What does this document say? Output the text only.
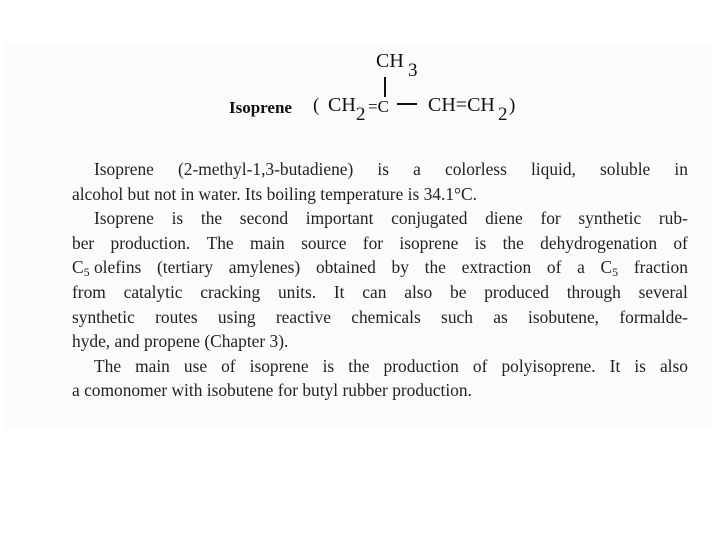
Isoprene ( CH 2 =C
CH 3
CH=CH 2 )
Isoprene (2-methyl-1,3-butadiene) is a colorless liquid, soluble in
alcohol but not in water. Its boiling temperature is 34.1°C.
Isoprene is the second important conjugated diene for synthetic rub-
ber production. The main source for isoprene is the dehydrogenation of
C5 olefins (tertiary amylenes) obtained by the extraction of a C5 fraction
from catalytic cracking units. It can also be produced through several
synthetic routes using reactive chemicals such as isobutene, formalde-
hyde, and propene (Chapter 3).
The main use of isoprene is the production of polyisoprene. It is also
a comonomer with isobutene for butyl rubber production.
